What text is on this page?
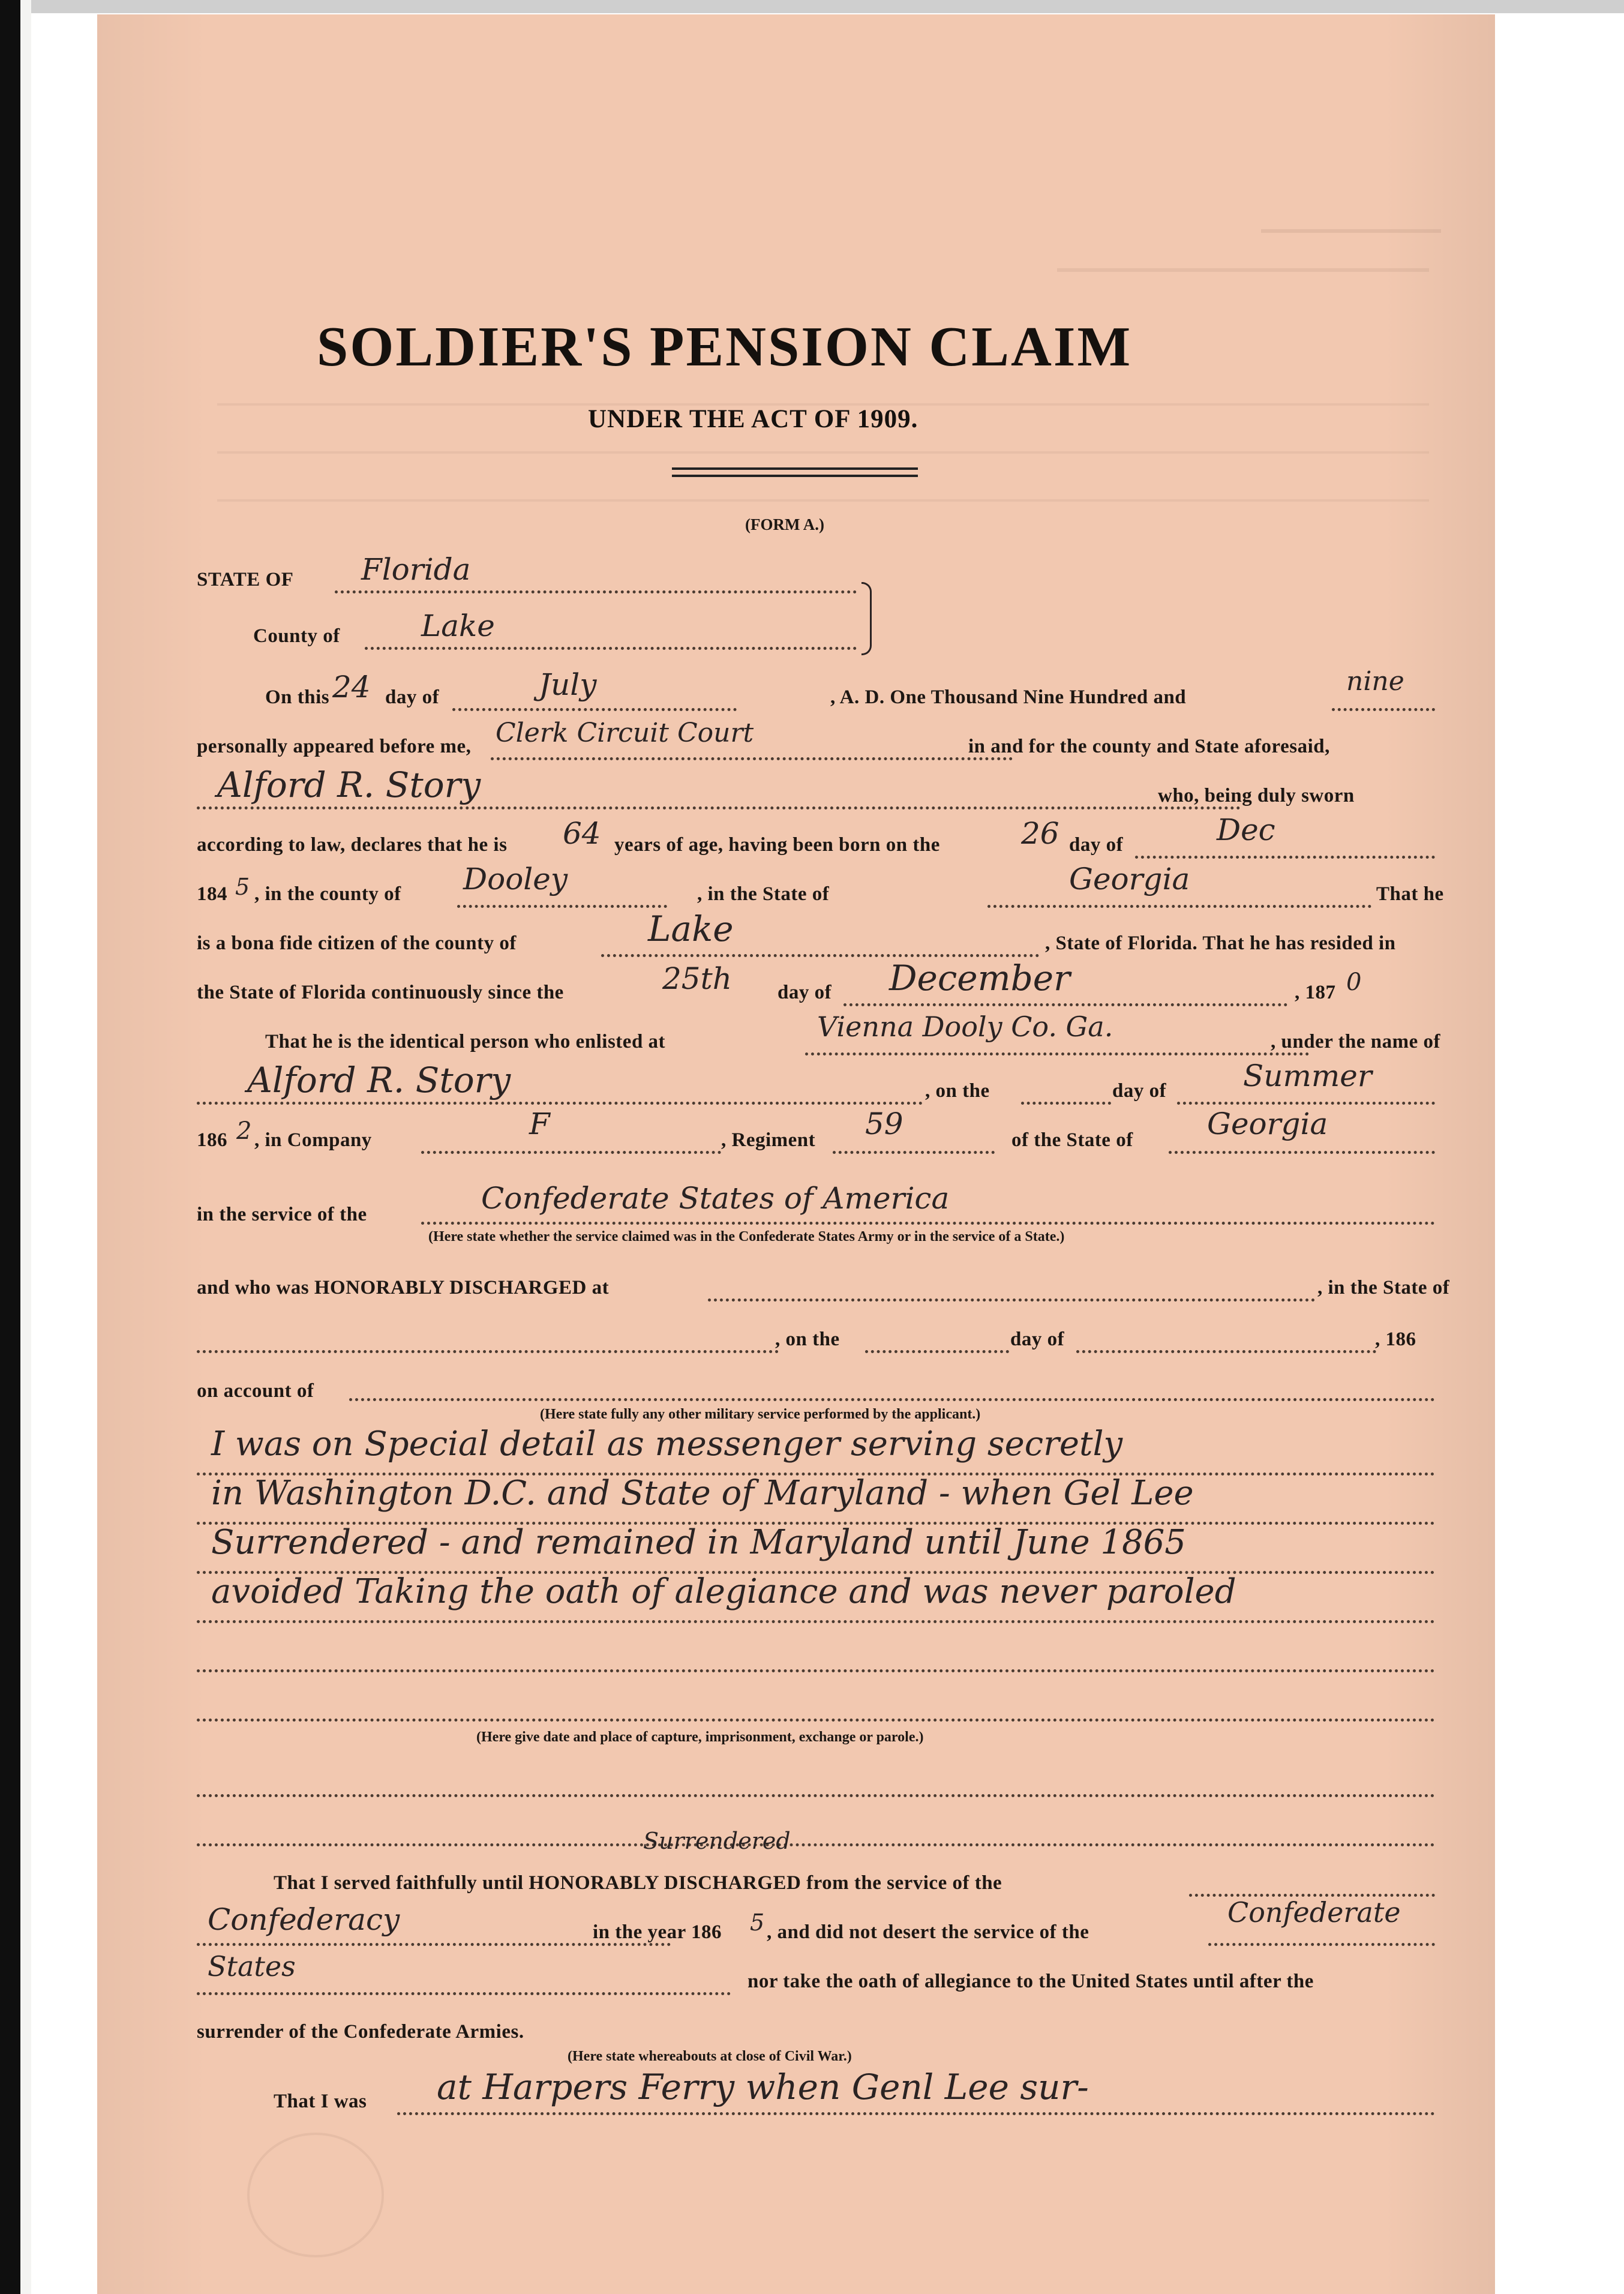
SOLDIER'S PENSION CLAIM
UNDER THE ACT OF 1909.
(FORM A.)
STATE OF Florida
County of	Lake
On this 24 day of	July	, A. D. One Thousand Nine Hundred and
nine
personally appeared before me, Clerk Circuit Court	in and for the county and State aforesaid,
Alford R. Story	who, being duly sworn
according to law, declares that he is 64 years of age, having been born on the	26 day of	Dec
184 5 , in the county of Dooley	, in the State of	Georgia	That he
is a bona fide citizen of the county of	Lake	, State of Florida. That he has resided in
the State of Florida continuously since the	25th day of December	, 187 0
That he is the identical person who enlisted at	Vienna Dooly Co. Ga.	, under the name of
Alford R. Story	, on the	day of	Summer
186 2 , in Company	F	, Regiment 59	of the State of Georgia
in the service of the	Confederate States of America
(Here state whether the service claimed was in the Confederate States Army or in the service of a State.)
and who was HONORABLY DISCHARGED at	, in the State of
, on the	day of	, 186
on account of
(Here state fully any other military service performed by the applicant.)
I was on Special detail as messenger serving secretly
in Washington D.C. and State of Maryland - when Gel Lee
Surrendered - and remained in Maryland until June 1865
avoided Taking the oath of alegiance and was never paroled
(Here give date and place of capture, imprisonment, exchange or parole.)
Surrendered
That I served faithfully until HONORABLY DISCHARGED from the service of the
Confederacy	in the year 186 5 , and did not desert the service of the
Confederate
States	nor take the oath of allegiance to the United States until after the
surrender of the Confederate Armies.
(Here state whereabouts at close of Civil War.)
That I was at Harpers Ferry when Genl Lee sur-
